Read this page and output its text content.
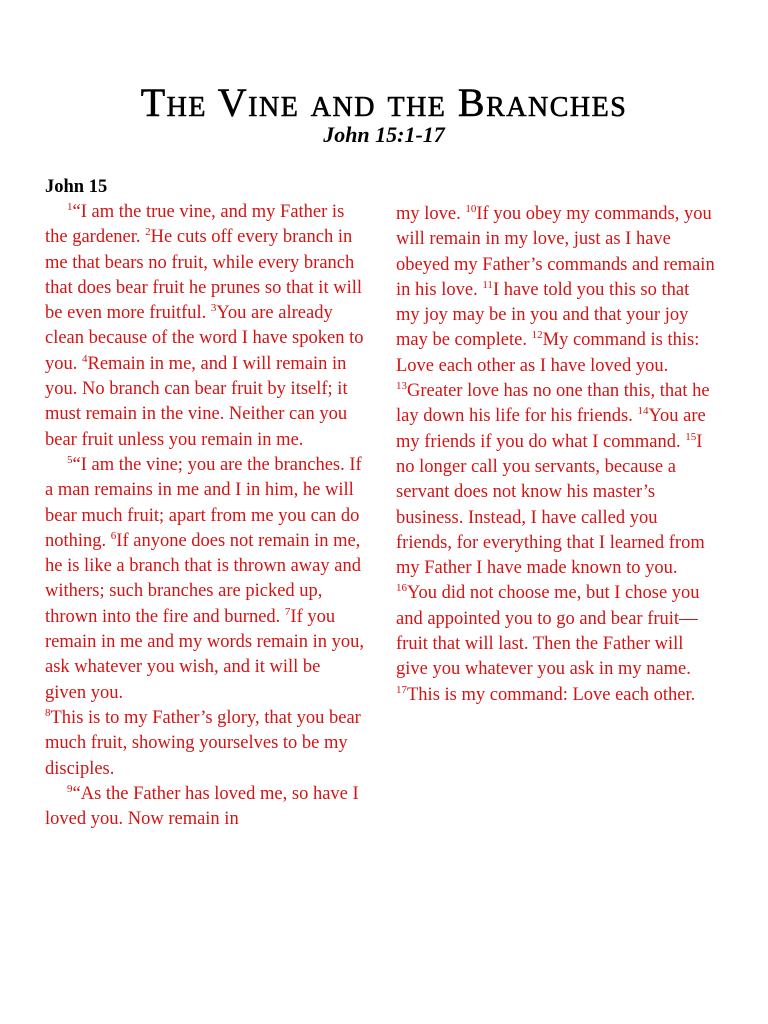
The Vine and the Branches
John 15:1-17
John 15

$^1$“I am the true vine, and my Father is the gardener. $^2$He cuts off every branch in me that bears no fruit, while every branch that does bear fruit he prunes so that it will be even more fruitful. $^3$You are already clean because of the word I have spoken to you. $^4$Remain in me, and I will remain in you. No branch can bear fruit by itself; it must remain in the vine. Neither can you bear fruit unless you remain in me.

$^5$“I am the vine; you are the branches. If a man remains in me and I in him, he will bear much fruit; apart from me you can do nothing. $^6$If anyone does not remain in me, he is like a branch that is thrown away and withers; such branches are picked up, thrown into the fire and burned. $^7$If you remain in me and my words remain in you, ask whatever you wish, and it will be given you.

$^8$This is to my Father’s glory, that you bear much fruit, showing yourselves to be my disciples.

$^9$“As the Father has loved me, so have I loved you. Now remain in

my love. $^{10}$If you obey my commands, you will remain in my love, just as I have obeyed my Father’s commands and remain in his love. $^{11}$I have told you this so that my joy may be in you and that your joy may be complete. $^{12}$My command is this: Love each other as I have loved you. $^{13}$Greater love has no one than this, that he lay down his life for his friends. $^{14}$You are my friends if you do what I command. $^{15}$I no longer call you servants, because a servant does not know his master’s business. Instead, I have called you friends, for everything that I learned from my Father I have made known to you. $^{16}$You did not choose me, but I chose you and appointed you to go and bear fruit—fruit that will last. Then the Father will give you whatever you ask in my name.

$^{17}$This is my command: Love each other.
